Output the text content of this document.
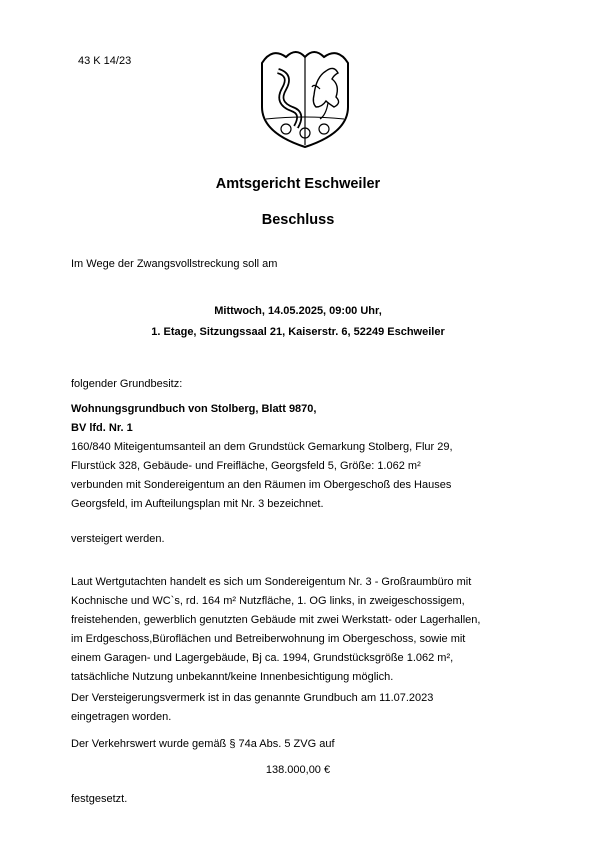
43 K 14/23
Amtsgericht Eschweiler
Beschluss
Im Wege der Zwangsvollstreckung soll am
Mittwoch, 14.05.2025, 09:00 Uhr,
1. Etage, Sitzungssaal 21, Kaiserstr. 6, 52249 Eschweiler
folgender Grundbesitz:
Wohnungsgrundbuch von Stolberg, Blatt 9870,
BV lfd. Nr. 1
160/840 Miteigentumsanteil an dem Grundstück Gemarkung Stolberg, Flur 29,
Flurstück 328, Gebäude- und Freifläche, Georgsfeld 5, Größe: 1.062 m²
verbunden mit Sondereigentum an den Räumen im Obergeschoß des Hauses
Georgsfeld, im Aufteilungsplan mit Nr. 3 bezeichnet.
versteigert werden.
Laut Wertgutachten handelt es sich um Sondereigentum Nr. 3 - Großraumbüro mit
Kochnische und WC`s, rd. 164 m² Nutzfläche, 1. OG links, in zweigeschossigem,
freistehenden, gewerblich genutzten Gebäude mit zwei Werkstatt- oder Lagerhallen,
im Erdgeschoss,Büroflächen und Betreiberwohnung im Obergeschoss, sowie mit
einem Garagen- und Lagergebäude, Bj ca. 1994, Grundstücksgröße 1.062 m²,
tatsächliche Nutzung unbekannt/keine Innenbesichtigung möglich.
Der Versteigerungsvermerk ist in das genannte Grundbuch am 11.07.2023
eingetragen worden.
Der Verkehrswert wurde gemäß § 74a Abs. 5 ZVG auf
138.000,00 €
festgesetzt.
